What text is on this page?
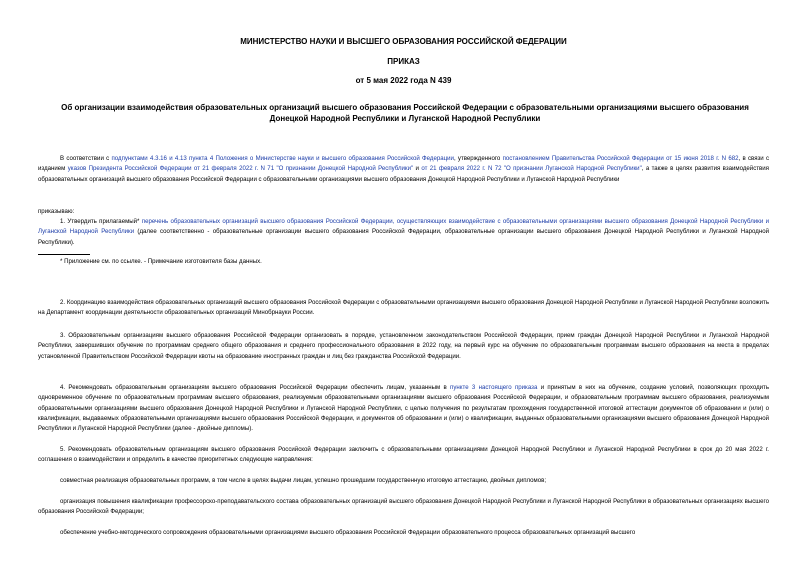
МИНИСТЕРСТВО НАУКИ И ВЫСШЕГО ОБРАЗОВАНИЯ РОССИЙСКОЙ ФЕДЕРАЦИИ
ПРИКАЗ
от 5 мая 2022 года N 439
Об организации взаимодействия образовательных организаций высшего образования Российской Федерации с образовательными организациями высшего образования Донецкой Народной Республики и Луганской Народной Республики
В соответствии с подпунктами 4.3.16 и 4.13 пункта 4 Положения о Министерстве науки и высшего образования Российской Федерации, утвержденного постановлением Правительства Российской Федерации от 15 июня 2018 г. N 682, в связи с изданием указов Президента Российской Федерации от 21 февраля 2022 г. N 71 "О признании Донецкой Народной Республики" и от 21 февраля 2022 г. N 72 "О признании Луганской Народной Республики", а также в целях развития взаимодействия образовательных организаций высшего образования Российской Федерации с образовательными организациями высшего образования Донецкой Народной Республики и Луганской Народной Республики
приказываю:
1. Утвердить прилагаемый* перечень образовательных организаций высшего образования Российской Федерации, осуществляющих взаимодействие с образовательными организациями высшего образования Донецкой Народной Республики и Луганской Народной Республики (далее соответственно - образовательные организации высшего образования Российской Федерации, образовательные организации высшего образования Донецкой Народной Республики и Луганской Народной Республики).
* Приложение см. по ссылке. - Примечание изготовителя базы данных.
2. Координацию взаимодействия образовательных организаций высшего образования Российской Федерации с образовательными организациями высшего образования Донецкой Народной Республики и Луганской Народной Республики возложить на Департамент координации деятельности образовательных организаций Минобрнауки России.
3. Образовательным организациям высшего образования Российской Федерации организовать в порядке, установленном законодательством Российской Федерации, прием граждан Донецкой Народной Республики и Луганской Народной Республики, завершивших обучение по программам среднего общего образования и среднего профессионального образования в 2022 году, на первый курс на обучение по образовательным программам высшего образования на места в пределах установленной Правительством Российской Федерации квоты на образование иностранных граждан и лиц без гражданства Российской Федерации.
4. Рекомендовать образовательным организациям высшего образования Российской Федерации обеспечить лицам, указанным в пункте 3 настоящего приказа и принятым в них на обучение, создание условий, позволяющих проходить одновременное обучение по образовательным программам высшего образования, реализуемым образовательными организациями высшего образования Российской Федерации, и образовательным программам высшего образования, реализуемым образовательными организациями высшего образования Донецкой Народной Республики и Луганской Народной Республики, с целью получения по результатам прохождения государственной итоговой аттестации документов об образовании и (или) о квалификации, выдаваемых образовательными организациями высшего образования Российской Федерации, и документов об образовании и (или) о квалификации, выданных образовательными организациями высшего образования Донецкой Народной Республики и Луганской Народной Республики (далее - двойные дипломы).
5. Рекомендовать образовательным организациям высшего образования Российской Федерации заключить с образовательными организациями Донецкой Народной Республики и Луганской Народной Республики в срок до 20 мая 2022 г. соглашения о взаимодействии и определить в качестве приоритетных следующие направления:
совместная реализация образовательных программ, в том числе в целях выдачи лицам, успешно прошедшим государственную итоговую аттестацию, двойных дипломов;
организация повышения квалификации профессорско-преподавательского состава образовательных организаций высшего образования Донецкой Народной Республики и Луганской Народной Республики в образовательных организациях высшего образования Российской Федерации;
обеспечение учебно-методического сопровождения образовательными организациями высшего образования Российской Федерации образовательного процесса образовательных организаций высшего
